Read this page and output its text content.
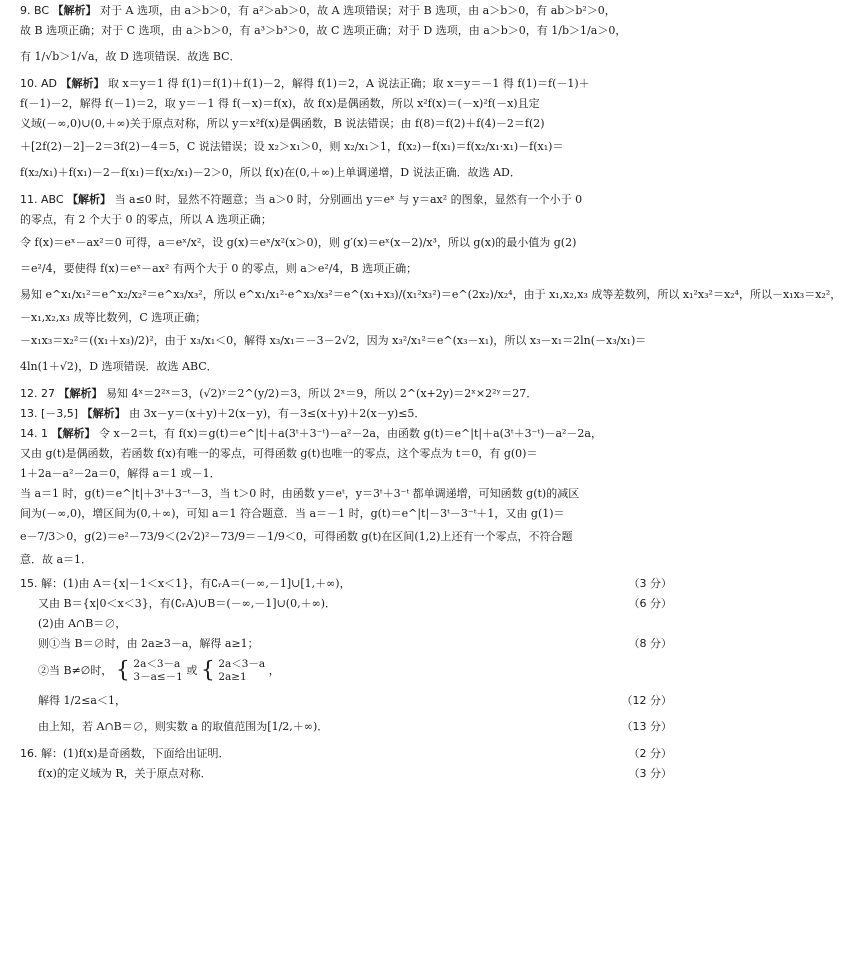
9. BC 【解析】 对于 A 选项，由 a＞b＞0，有 a²＞ab＞0，故 A 选项错误；对于 B 选项，由 a＞b＞0，有 ab＞b²＞0，

故 B 选项正确；对于 C 选项，由 a＞b＞0，有 a³＞b³＞0，故 C 选项正确；对于 D 选项，由 a＞b＞0，有 1/b＞1/a＞0，

有 1/√b＞1/√a，故 D 选项错误．故选 BC．

10. AD 【解析】 取 x＝y＝1 得 f(1)＝f(1)＋f(1)－2，解得 f(1)＝2，A 说法正确；取 x＝y＝－1 得 f(1)＝f(－1)＋

f(－1)－2，解得 f(－1)＝2，取 y＝－1 得 f(－x)＝f(x)，故 f(x)是偶函数，所以 x²f(x)＝(－x)²f(－x)且定

义域(－∞,0)∪(0,＋∞)关于原点对称，所以 y＝x²f(x)是偶函数，B 说法错误；由 f(8)＝f(2)＋f(4)－2＝f(2)

＋[2f(2)－2]－2＝3f(2)－4＝5，C 说法错误；设 x₂＞x₁＞0，则 x₂/x₁＞1，f(x₂)－f(x₁)＝f(x₂/x₁·x₁)－f(x₁)＝

f(x₂/x₁)＋f(x₁)－2－f(x₁)＝f(x₂/x₁)－2＞0，所以 f(x)在(0,＋∞)上单调递增，D 说法正确．故选 AD．

11. ABC 【解析】 当 a≤0 时，显然不符题意；当 a＞0 时，分别画出 y＝eˣ 与 y＝ax² 的图象，显然有一个小于 0

的零点，有 2 个大于 0 的零点，所以 A 选项正确；

令 f(x)＝eˣ－ax²＝0 可得，a＝eˣ/x²，设 g(x)＝eˣ/x²(x＞0)，则 g′(x)＝eˣ(x－2)/x³，所以 g(x)的最小值为 g(2)

＝e²/4，要使得 f(x)＝eˣ－ax² 有两个大于 0 的零点，则 a＞e²/4，B 选项正确；

易知 e^x₁/x₁²＝e^x₂/x₂²＝e^x₃/x₃²，所以 e^x₁/x₁²·e^x₃/x₃²＝e^(x₁+x₃)/(x₁²x₃²)＝e^(2x₂)/x₂⁴，由于 x₁,x₂,x₃ 成等差数列，所以 x₁²x₃²＝x₂⁴，所以－x₁x₃＝x₂²，

－x₁,x₂,x₃ 成等比数列，C 选项正确；

－x₁x₃＝x₂²＝((x₁＋x₃)/2)²，由于 x₃/x₁＜0，解得 x₃/x₁＝－3－2√2，因为 x₃²/x₁²＝e^(x₃－x₁)，所以 x₃－x₁＝2ln(－x₃/x₁)＝

4ln(1＋√2)，D 选项错误．故选 ABC．

12. 27 【解析】 易知 4ˣ＝2²ˣ＝3，(√2)ʸ＝2^(y/2)＝3，所以 2ˣ＝9，所以 2^(x+2y)＝2ˣ×2²ʸ＝27．

13. [－3,5] 【解析】 由 3x－y＝(x＋y)＋2(x－y)，有－3≤(x＋y)＋2(x－y)≤5．

14. 1 【解析】 令 x－2＝t，有 f(x)＝g(t)＝e^|t|＋a(3ᵗ＋3⁻ᵗ)－a²－2a，由函数 g(t)＝e^|t|＋a(3ᵗ＋3⁻ᵗ)－a²－2a，

又由 g(t)是偶函数，若函数 f(x)有唯一的零点，可得函数 g(t)也唯一的零点，这个零点为 t＝0，有 g(0)＝

1＋2a－a²－2a＝0，解得 a＝1 或－1．

当 a＝1 时，g(t)＝e^|t|＋3ᵗ＋3⁻ᵗ－3，当 t＞0 时，由函数 y＝eᵗ，y＝3ᵗ＋3⁻ᵗ 都单调递增，可知函数 g(t)的减区

间为(－∞,0)，增区间为(0,＋∞)，可知 a＝1 符合题意．当 a＝－1 时，g(t)＝e^|t|－3ᵗ－3⁻ᵗ＋1，又由 g(1)＝

e－7/3＞0，g(2)＝e²－73/9＜(2√2)²－73/9＝－1/9＜0，可得函数 g(t)在区间(1,2)上还有一个零点，不符合题

意．故 a＝1．

15. 解：(1)由 A＝{x|－1＜x＜1}，有∁ᵣA＝(－∞,－1]∪[1,＋∞)，	（3 分）

又由 B＝{x|0＜x＜3}，有(∁ᵣA)∪B＝(－∞,－1]∪(0,＋∞)．	（6 分）

(2)由 A∩B＝∅，

则①当 B＝∅时，由 2a≥3－a，解得 a≥1；	（8 分）

②当 B≠∅时， { 2a＜3－a
3－a≤－1 或 { 2a＜3－a
2a≥1	，

解得 1/2≤a＜1，	（12 分）

由上知，若 A∩B＝∅，则实数 a 的取值范围为[1/2,＋∞)．	（13 分）

16. 解：(1)f(x)是奇函数，下面给出证明．	（2 分）

f(x)的定义域为 R，关于原点对称．	（3 分）
